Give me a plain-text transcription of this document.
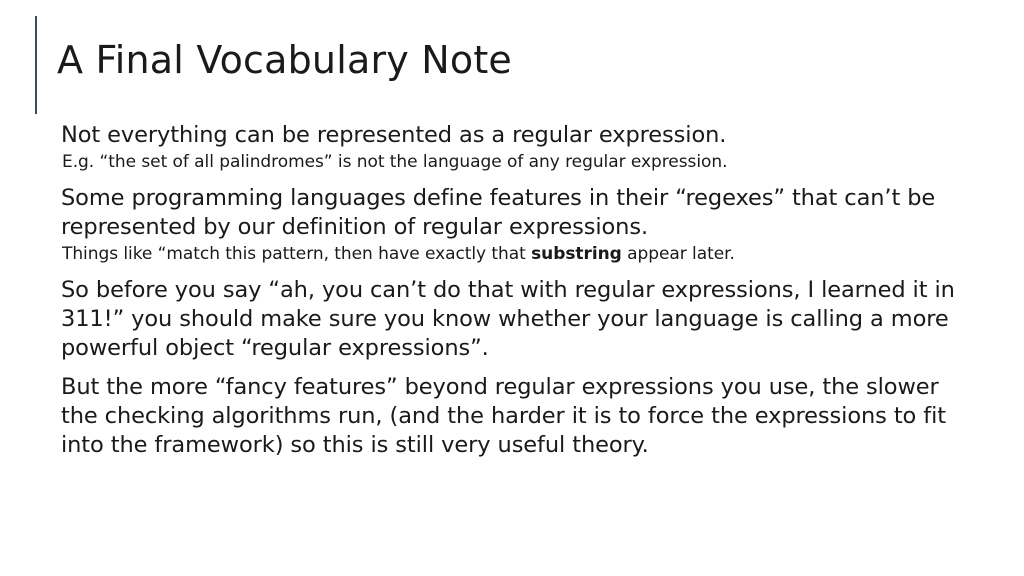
A Final Vocabulary Note

Not everything can be represented as a regular expression.

E.g. “the set of all palindromes” is not the language of any regular expression.

Some programming languages define features in their “regexes” that can’t be represented by our definition of regular expressions.

Things like “match this pattern, then have exactly that substring appear later.

So before you say “ah, you can’t do that with regular expressions, I learned it in 311!” you should make sure you know whether your language is calling a more powerful object “regular expressions”.

But the more “fancy features” beyond regular expressions you use, the slower the checking algorithms run, (and the harder it is to force the expressions to fit into the framework) so this is still very useful theory.
